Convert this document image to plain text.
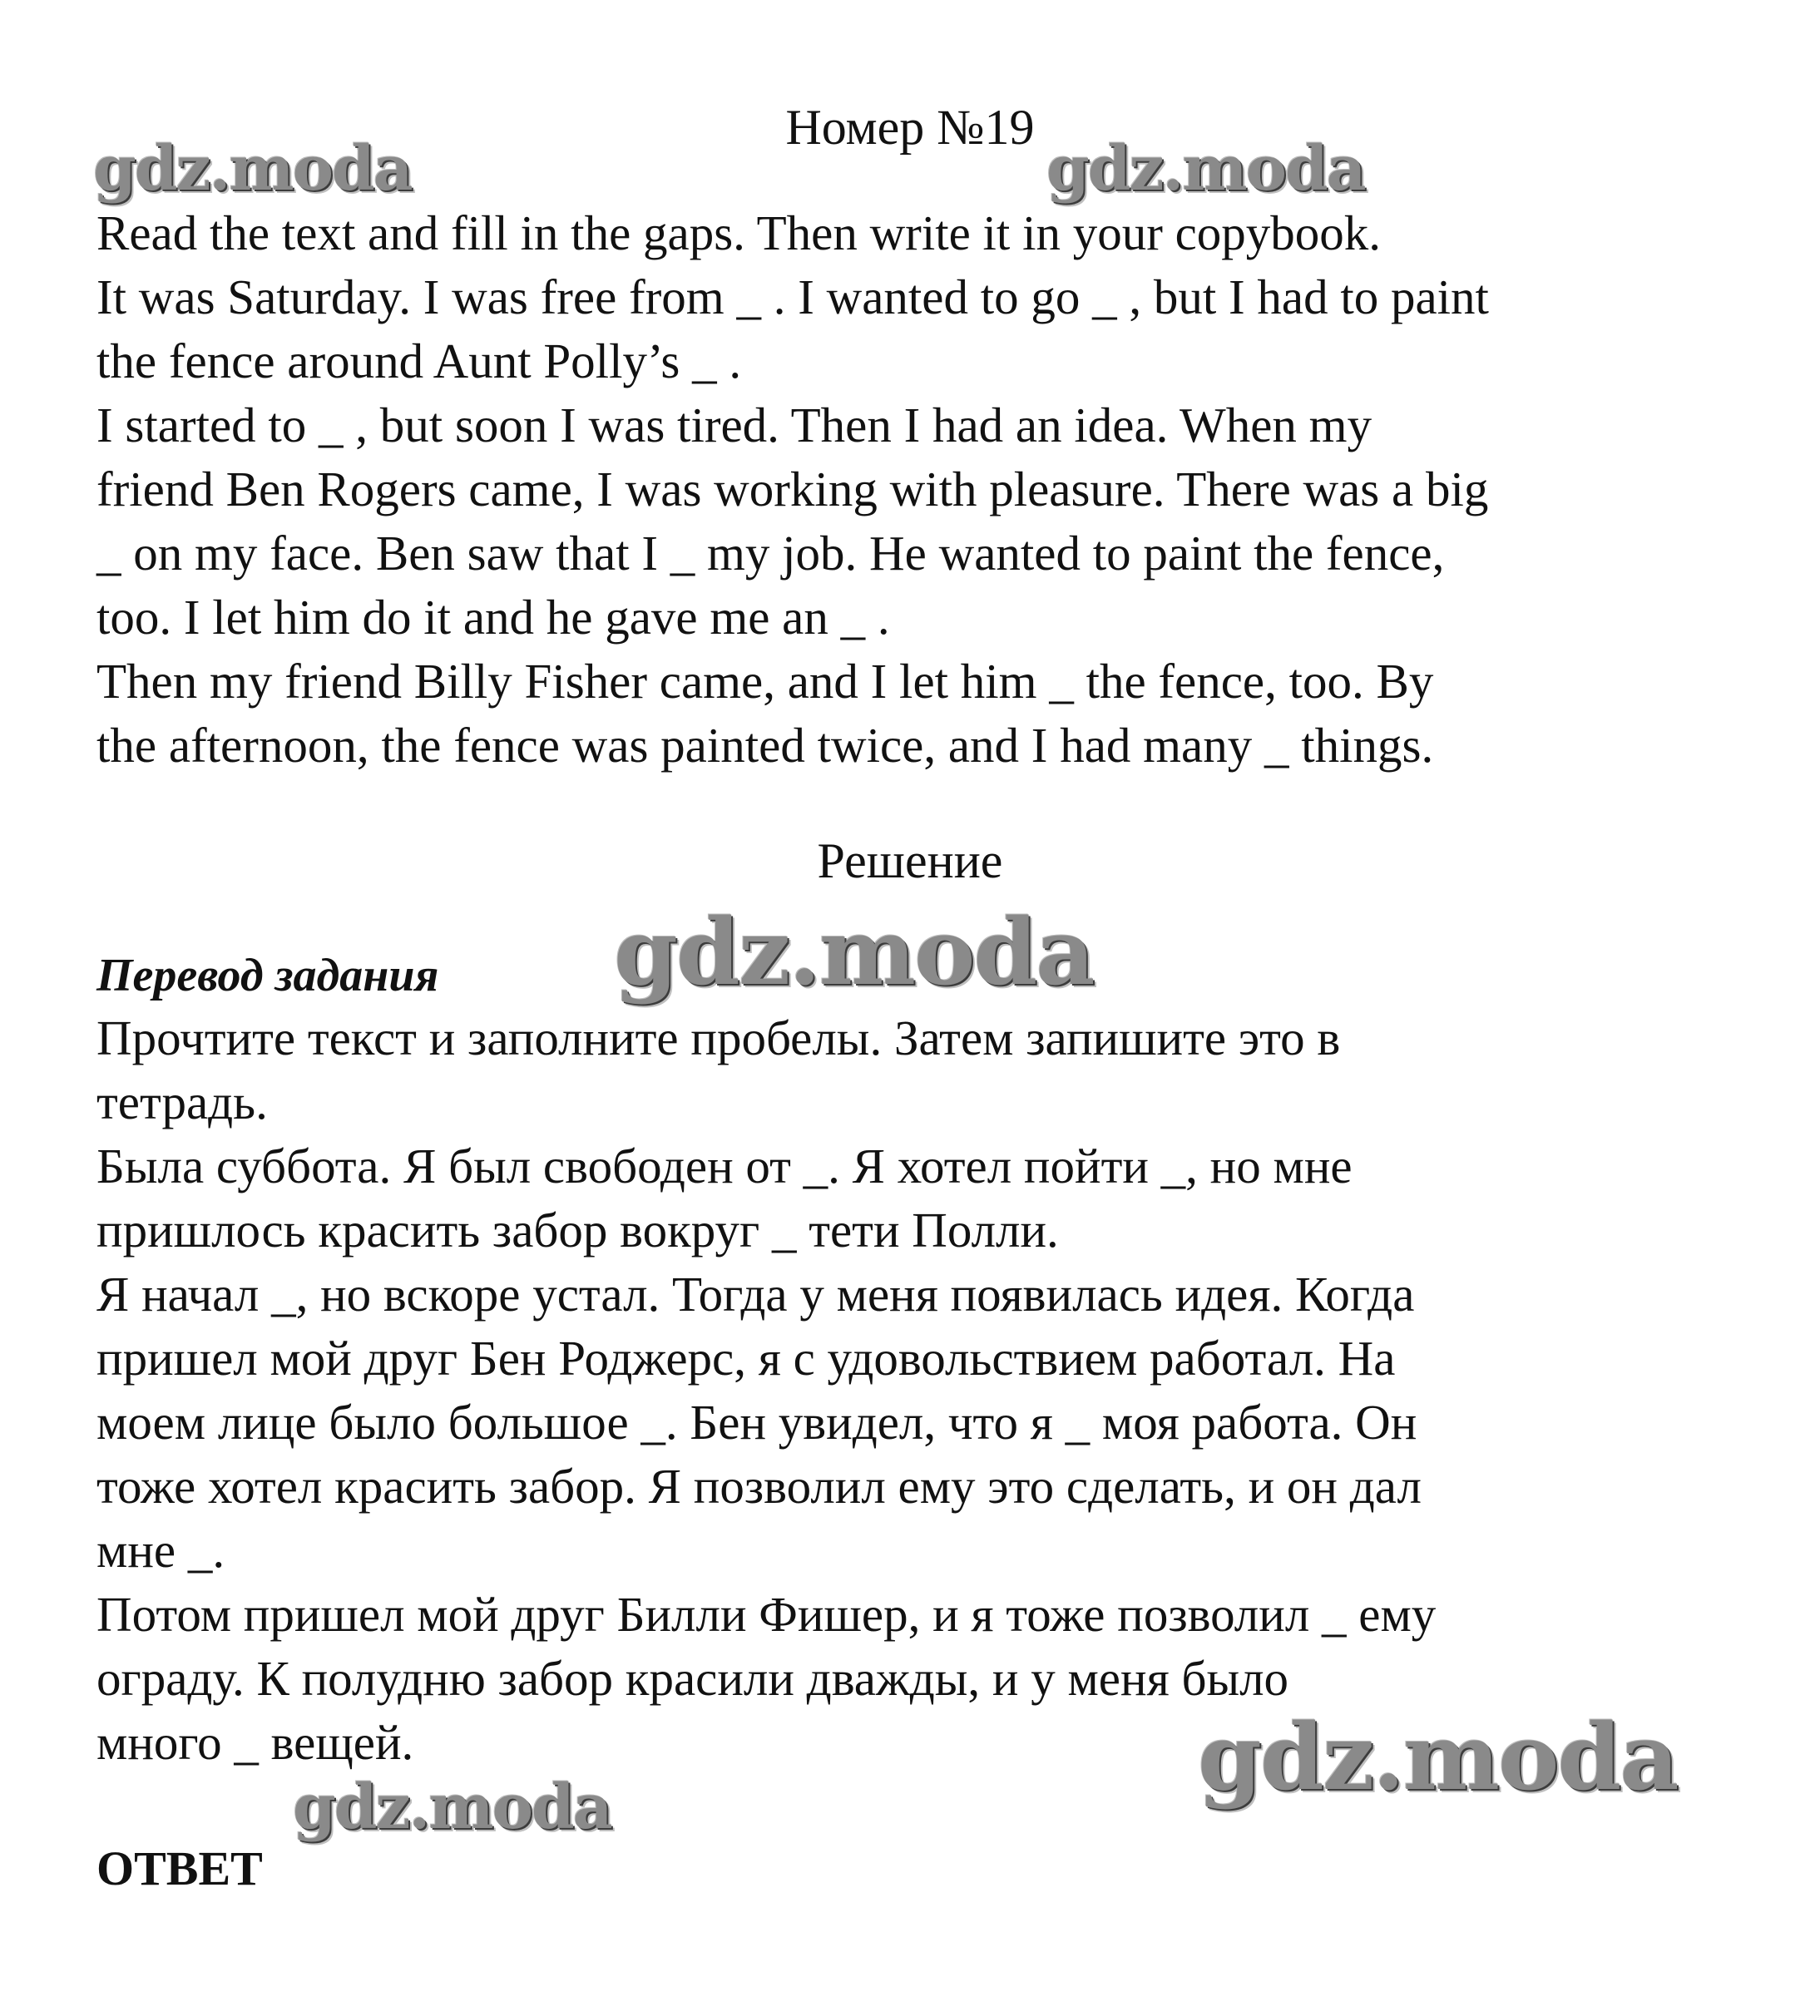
Номер №19
Read the text and fill in the gaps. Then write it in your copybook.
It was Saturday. I was free from _ . I wanted to go _ , but I had to paint
the fence around Aunt Polly’s _ .
I started to _ , but soon I was tired. Then I had an idea. When my
friend Ben Rogers came, I was working with pleasure. There was a big
_ on my face. Ben saw that I _ my job. He wanted to paint the fence,
too. I let him do it and he gave me an _ .
Then my friend Billy Fisher came, and I let him _ the fence, too. By
the afternoon, the fence was painted twice, and I had many _ things.
Решение
Перевод задания
Прочтите текст и заполните пробелы. Затем запишите это в
тетрадь.
Была суббота. Я был свободен от _. Я хотел пойти _, но мне
пришлось красить забор вокруг _ тети Полли.
Я начал _, но вскоре устал. Тогда у меня появилась идея. Когда
пришел мой друг Бен Роджерс, я с удовольствием работал. На
моем лице было большое _. Бен увидел, что я _ моя работа. Он
тоже хотел красить забор. Я позволил ему это сделать, и он дал
мне _.
Потом пришел мой друг Билли Фишер, и я тоже позволил _ ему
ограду. К полудню забор красили дважды, и у меня было
много _ вещей.
ОТВЕТ
gdz.moda	gdz.moda
gdz.moda
gdz.moda
gdz.moda
